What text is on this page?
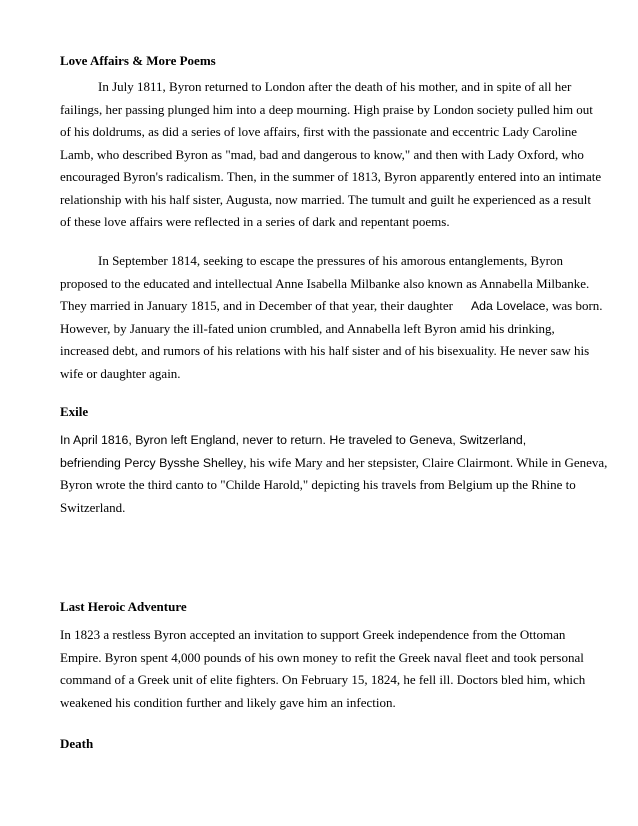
Love Affairs & More Poems
In July 1811, Byron returned to London after the death of his mother, and in spite of all her
failings, her passing plunged him into a deep mourning. High praise by London society pulled him out
of his doldrums, as did a series of love affairs, first with the passionate and eccentric Lady Caroline
Lamb, who described Byron as "mad, bad and dangerous to know," and then with Lady Oxford, who
encouraged Byron's radicalism. Then, in the summer of 1813, Byron apparently entered into an intimate
relationship with his half sister, Augusta, now married. The tumult and guilt he experienced as a result
of these love affairs were reflected in a series of dark and repentant poems.
In September 1814, seeking to escape the pressures of his amorous entanglements, Byron
proposed to the educated and intellectual Anne Isabella Milbanke also known as Annabella Milbanke.
They married in January 1815, and in December of that year, their daughter Ada Lovelace, was born.
However, by January the ill-fated union crumbled, and Annabella left Byron amid his drinking,
increased debt, and rumors of his relations with his half sister and of his bisexuality. He never saw his
wife or daughter again.
Exile
In April 1816, Byron left England, never to return. He traveled to Geneva, Switzerland,
befriending Percy Bysshe Shelley, his wife Mary and her stepsister, Claire Clairmont. While in Geneva,
Byron wrote the third canto to "Childe Harold," depicting his travels from Belgium up the Rhine to
Switzerland.
Last Heroic Adventure
In 1823 a restless Byron accepted an invitation to support Greek independence from the Ottoman
Empire. Byron spent 4,000 pounds of his own money to refit the Greek naval fleet and took personal
command of a Greek unit of elite fighters. On February 15, 1824, he fell ill. Doctors bled him, which
weakened his condition further and likely gave him an infection.
Death
